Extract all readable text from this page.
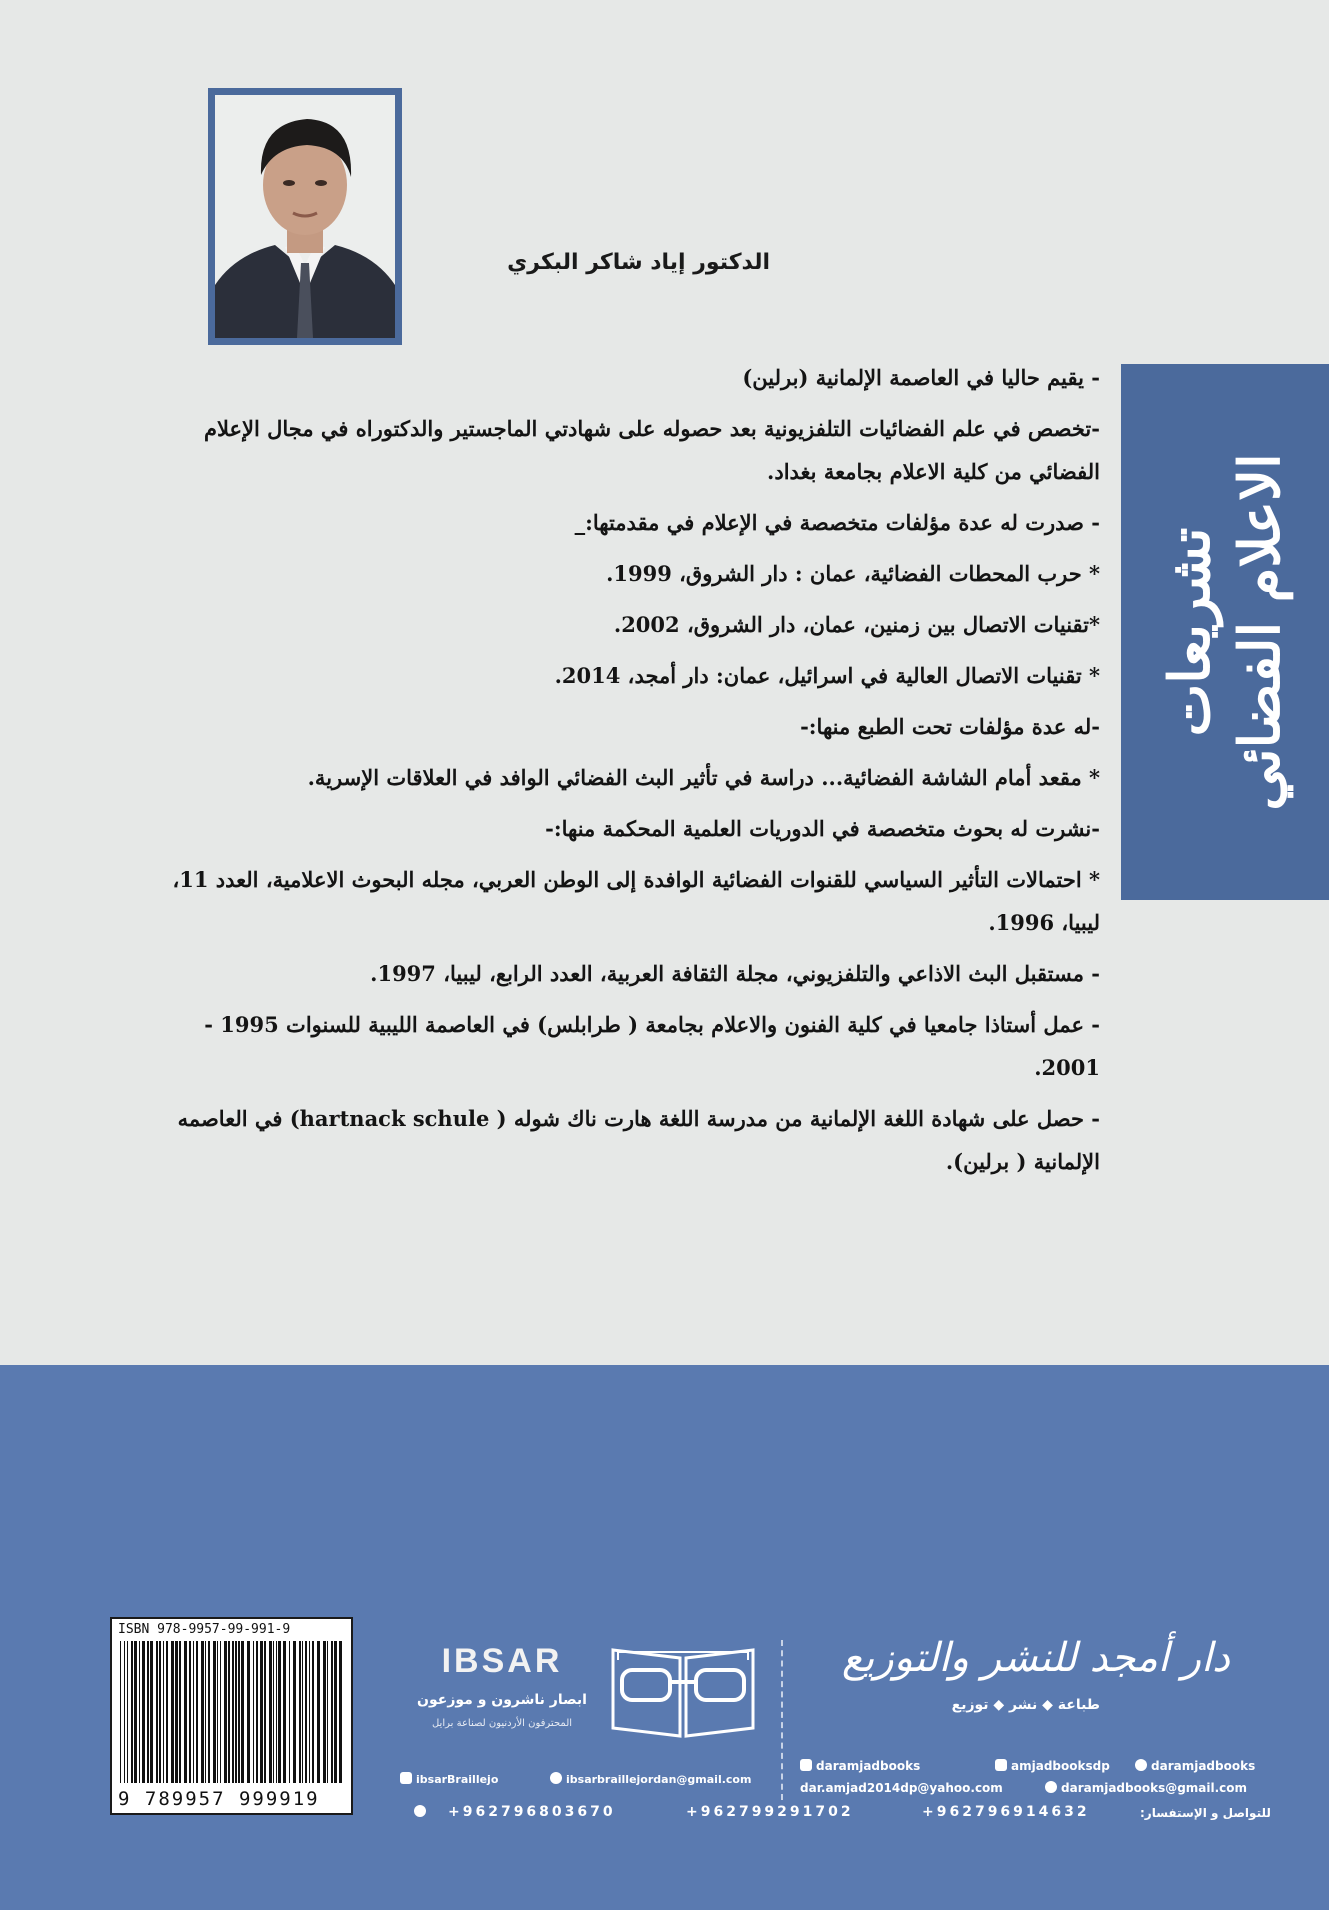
الدكتور إياد شاكر البكري
تشريعات الاعلام الفضائي

- يقيم حاليا في العاصمة الإلمانية (برلين)

-تخصص في علم الفضائيات التلفزيونية بعد حصوله على شهادتي الماجستير والدكتوراه في مجال الإعلام الفضائي من كلية الاعلام بجامعة بغداد.

- صدرت له عدة مؤلفات متخصصة في الإعلام في مقدمتها:_

* حرب المحطات الفضائية، عمان : دار الشروق، 1999.

*تقنيات الاتصال بين زمنين، عمان، دار الشروق، 2002.

* تقنيات الاتصال العالية في اسرائيل، عمان: دار أمجد، 2014.

-له عدة مؤلفات تحت الطبع منها:-

* مقعد أمام الشاشة الفضائية... دراسة في تأثير البث الفضائي الوافد في العلاقات الإسرية.

-نشرت له بحوث متخصصة في الدوريات العلمية المحكمة منها:-

* احتمالات التأثير السياسي للقنوات الفضائية الوافدة إلى الوطن العربي، مجله البحوث الاعلامية، العدد 11، ليبيا، 1996.

- مستقبل البث الاذاعي والتلفزيوني، مجلة الثقافة العربية، العدد الرابع، ليبيا، 1997.

- عمل أستاذا جامعيا في كلية الفنون والاعلام بجامعة ( طرابلس) في العاصمة الليبية للسنوات 1995 - 2001.

- حصل على شهادة اللغة الإلمانية من مدرسة اللغة هارت ناك شوله ( hartnack schule) في العاصمه الإلمانية ( برلين).

ISBN 978-9957-99-991-9
9 789957 999919
IBSAR
ابصار ناشرون و موزعون
المحترفون الأردنيون لصناعة برايل
ibsarBraillejo	ibsarbraillejordan@gmail.com
دار أمجد للنشر والتوزيع
طباعة ◆ نشر ◆ توزيع
daramjadbooks	amjadbooksdp	daramjadbooks
dar.amjad2014dp@yahoo.com	daramjadbooks@gmail.com
+962796803670	+962799291702	+962796914632	للتواصل و الإستفسار:
